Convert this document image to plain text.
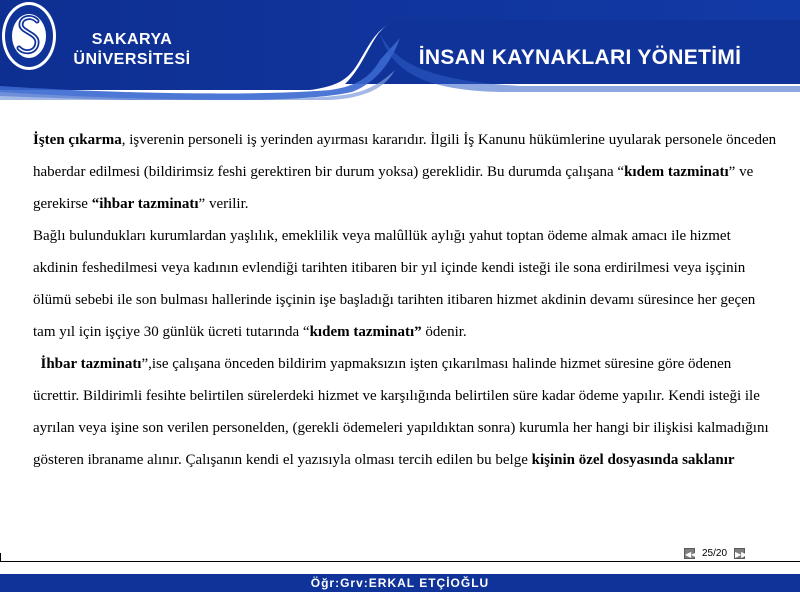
SAKARYA
ÜNİVERSİTESİ	İNSAN KAYNAKLARI YÖNETİMİ

İşten çıkarma, işverenin personeli iş yerinden ayırması kararıdır. İlgili İş Kanunu hükümlerine uyularak personele önceden haberdar edilmesi (bildirimsiz feshi gerektiren bir durum yoksa) gereklidir. Bu durumda çalışana “kıdem tazminatı” ve gerekirse “ihbar tazminatı” verilir.

Bağlı bulundukları kurumlardan yaşlılık, emeklilik veya malûllük aylığı yahut toptan ödeme almak amacı ile hizmet akdinin feshedilmesi veya kadının evlendiği tarihten itibaren bir yıl içinde kendi isteği ile sona erdirilmesi veya işçinin ölümü sebebi ile son bulması hallerinde işçinin işe başladığı tarihten itibaren hizmet akdinin devamı süresince her geçen tam yıl için işçiye 30 günlük ücreti tutarında “kıdem tazminatı” ödenir.

İhbar tazminatı”,ise çalışana önceden bildirim yapmaksızın işten çıkarılması halinde hizmet süresine göre ödenen ücrettir. Bildirimli fesihte belirtilen sürelerdeki hizmet ve karşılığında belirtilen süre kadar ödeme yapılır. Kendi isteği ile ayrılan veya işine son verilen personelden, (gerekli ödemeleri yapıldıktan sonra) kurumla her hangi bir ilişkisi kalmadığını gösteren ibraname alınır. Çalışanın kendi el yazısıyla olması tercih edilen bu belge kişinin özel dosyasında saklanır

◀◀ 25/20	▶▶
Öğr:Grv:ERKAL ETÇİOĞLU
